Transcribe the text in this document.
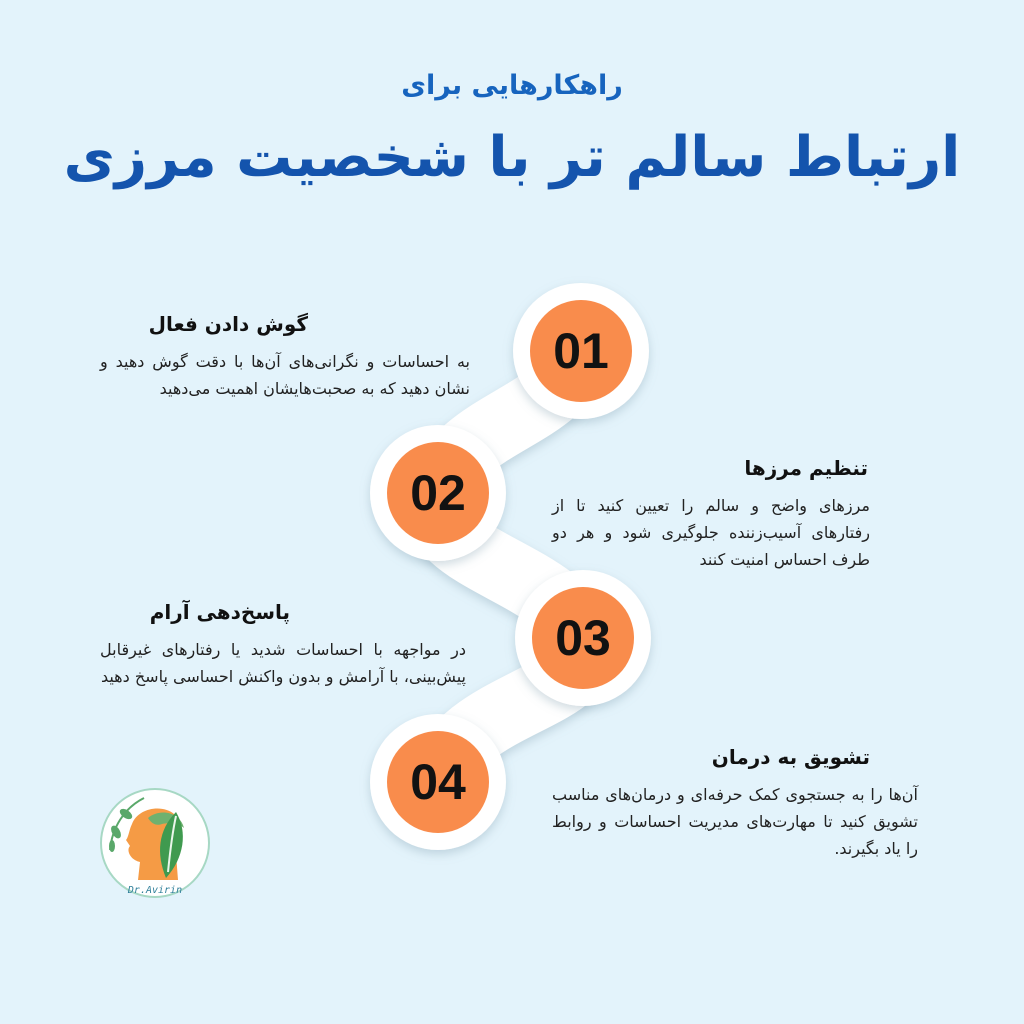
راهکارهایی برای
ارتباط سالم تر با شخصیت مرزی
01
02
03
04
گوش دادن فعال

به احساسات و نگرانی‌های آن‌ها با دقت گوش دهید و نشان دهید که به صحبت‌هایشان اهمیت می‌دهید

تنظیم مرزها

مرزهای واضح و سالم را تعیین کنید تا از رفتارهای آسیب‌زننده جلوگیری شود و هر دو طرف احساس امنیت کنند

پاسخ‌دهی آرام

در مواجهه با احساسات شدید یا رفتارهای غیرقابل پیش‌بینی، با آرامش و بدون واکنش احساسی پاسخ دهید

تشویق به درمان

آن‌ها را به جستجوی کمک حرفه‌ای و درمان‌های مناسب تشویق کنید تا مهارت‌های مدیریت احساسات و روابط را یاد بگیرند.

Dr.Avirin
